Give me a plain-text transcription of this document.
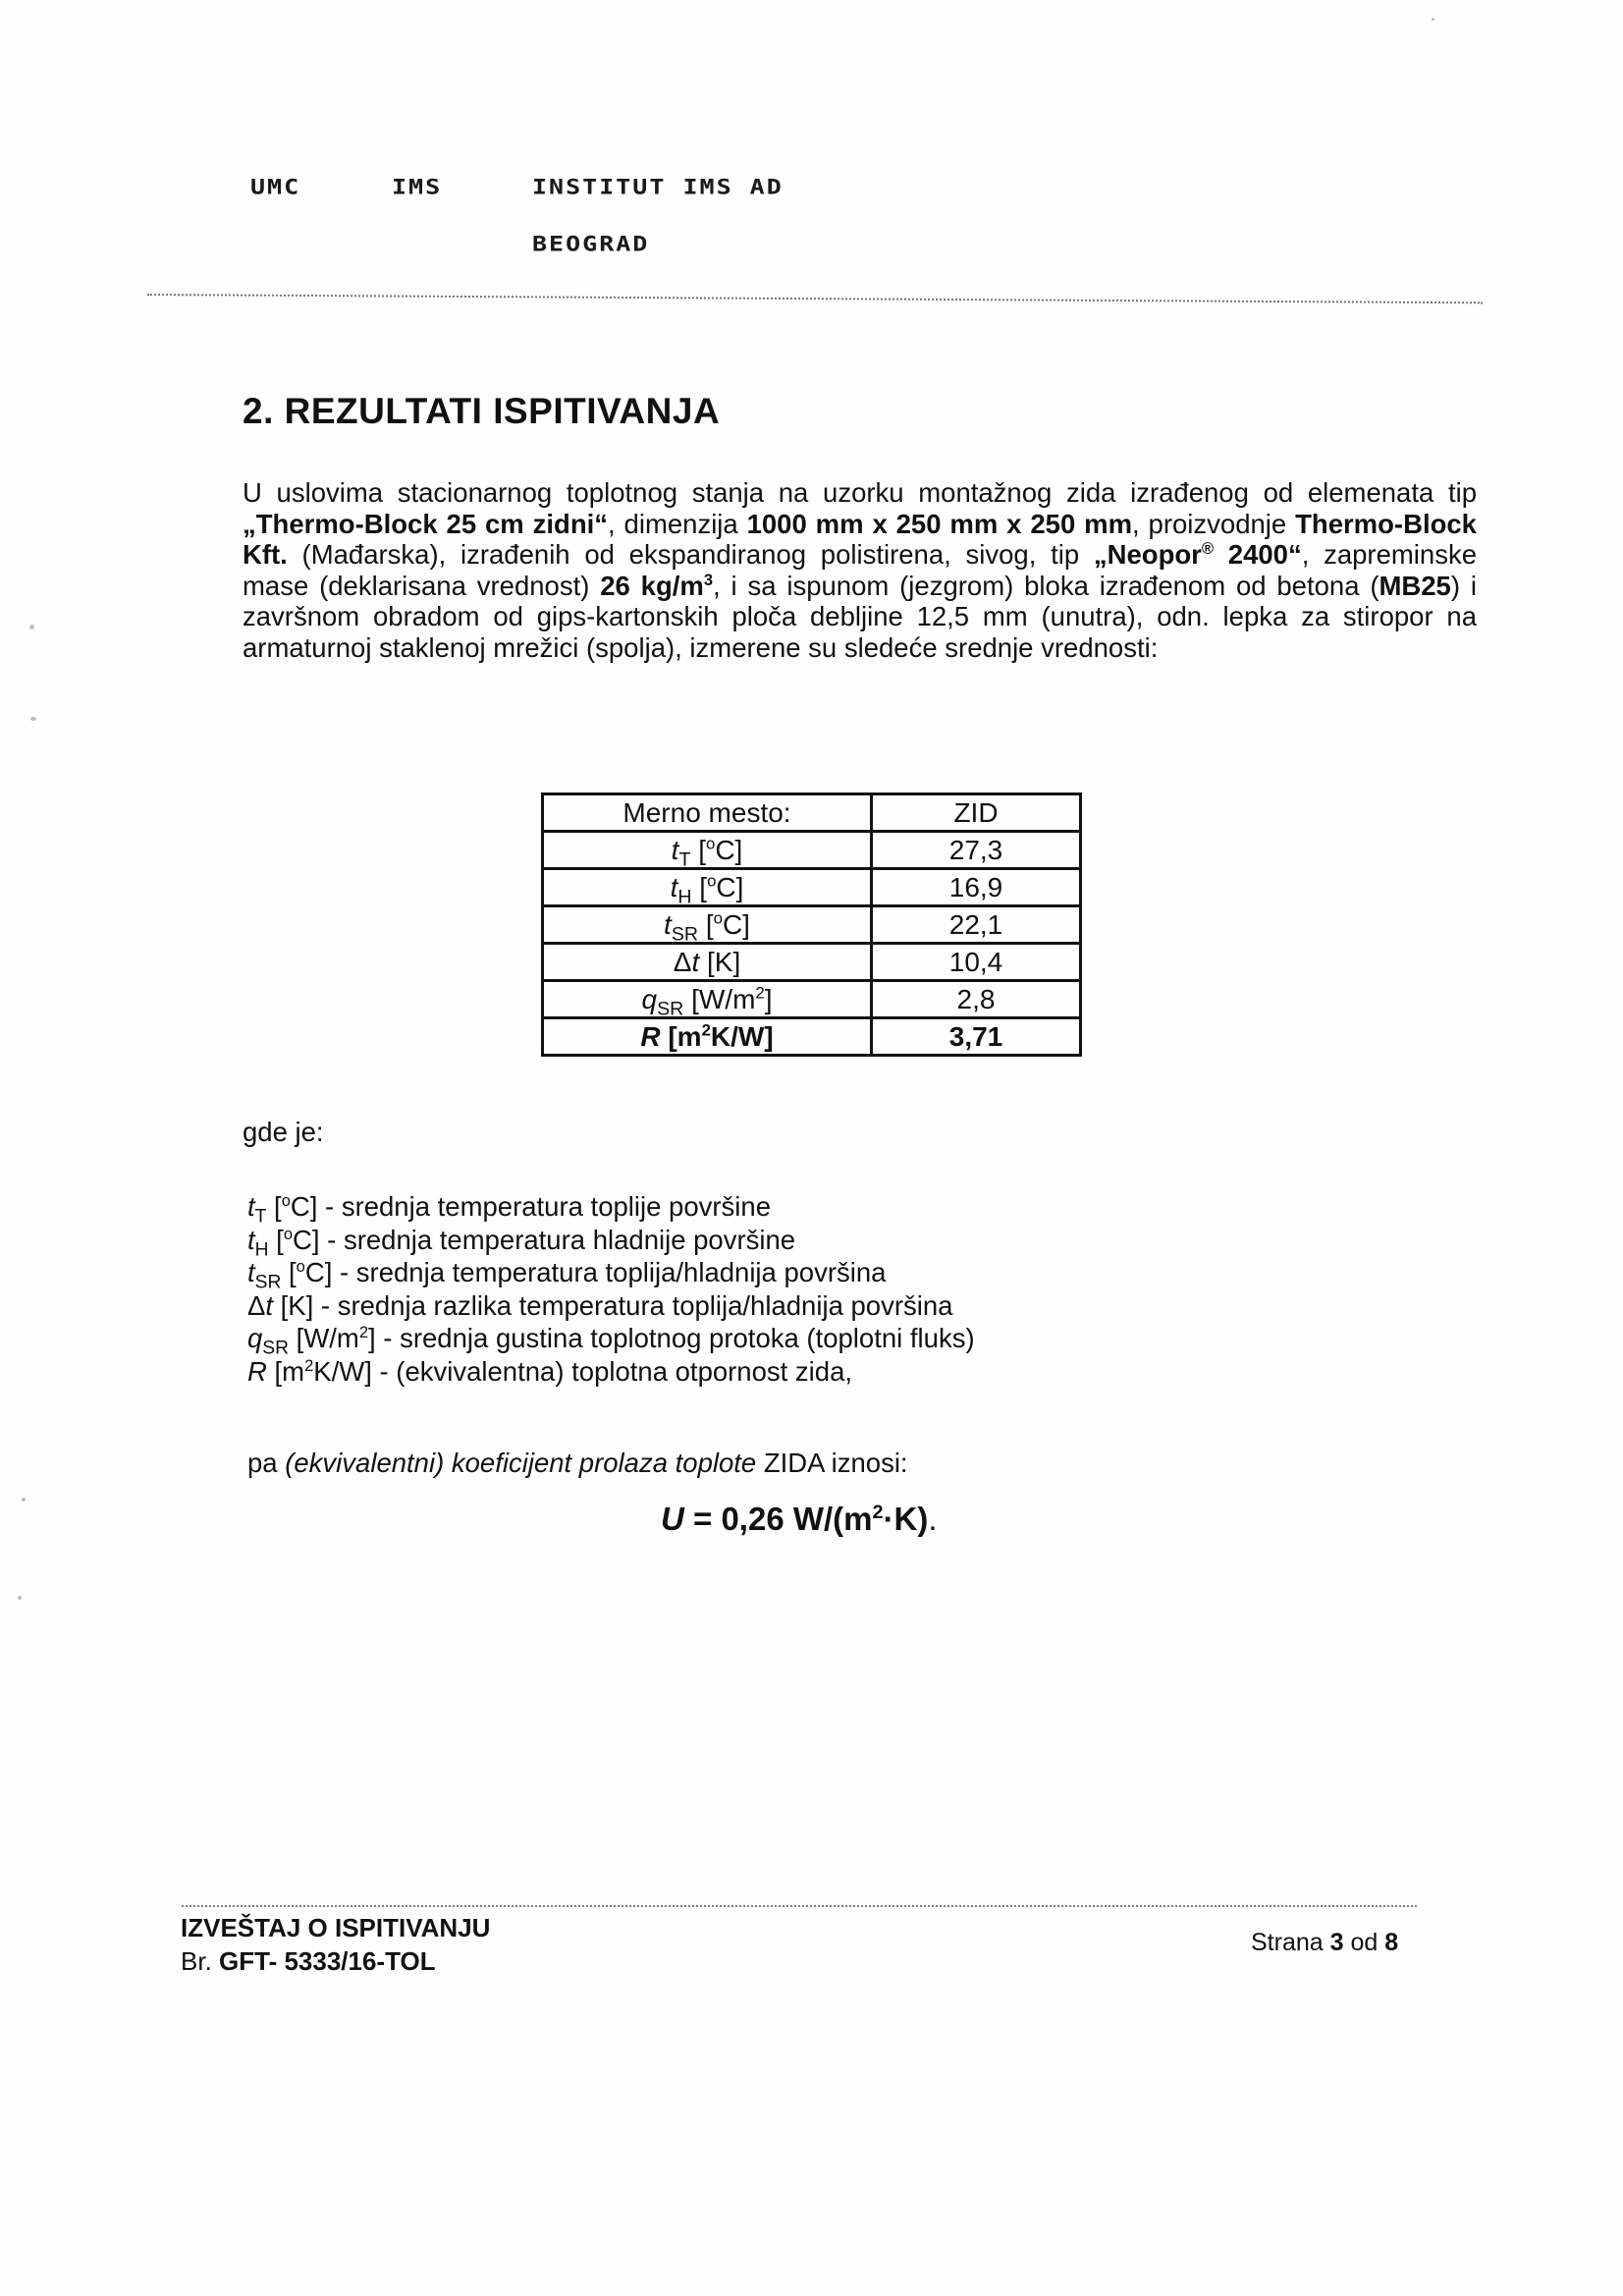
UMC	IMS	INSTITUT IMS AD
BEOGRAD
2. REZULTATI ISPITIVANJA
U uslovima stacionarnog toplotnog stanja na uzorku montažnog zida izrađenog od elemenata tip „Thermo-Block 25 cm zidni“, dimenzija 1000 mm x 250 mm x 250 mm, proizvodnje Thermo-Block Kft. (Mađarska), izrađenih od ekspandiranog polistirena, sivog, tip „Neopor® 2400“, zapreminske mase (deklarisana vrednost) 26 $kg/m^3$, i sa ispunom (jezgrom) bloka izrađenom od betona (MB25) i završnom obradom od gips-kartonskih ploča debljine 12,5 mm (unutra), odn. lepka za stiropor na armaturnoj staklenoj mrežici (spolja), izmerene su sledeće srednje vrednosti:
Merno mesto:	ZID
$t_T$ [$^o$C]	27,3
$t_H$ [$^o$C]	16,9
$t_{SR}$ [$^o$C]	22,1
Δt [K]	10,4
$q_{SR}$ $[W/m^2]$	2,8
R $[m^2K/W]$	3,71
gde je:
$t_T$ [$^o$C] - srednja temperatura toplije površine
$t_H$ [$^o$C] - srednja temperatura hladnije površine
$t_{SR}$ [$^o$C] - srednja temperatura toplija/hladnija površina
Δt [K] - srednja razlika temperatura toplija/hladnija površina
$q_{SR}$ $[W/m^2]$ - srednja gustina toplotnog protoka (toplotni fluks)
R $[m^2K/W]$ - (ekvivalentna) toplotna otpornost zida,
pa (ekvivalentni) koeficijent prolaza toplote ZIDA iznosi:
U = 0,26 $W/(m^2\cdot K)$.
IZVEŠTAJ O ISPITIVANJU
Br. GFT- 5333/16-TOL
Strana 3 od 8
